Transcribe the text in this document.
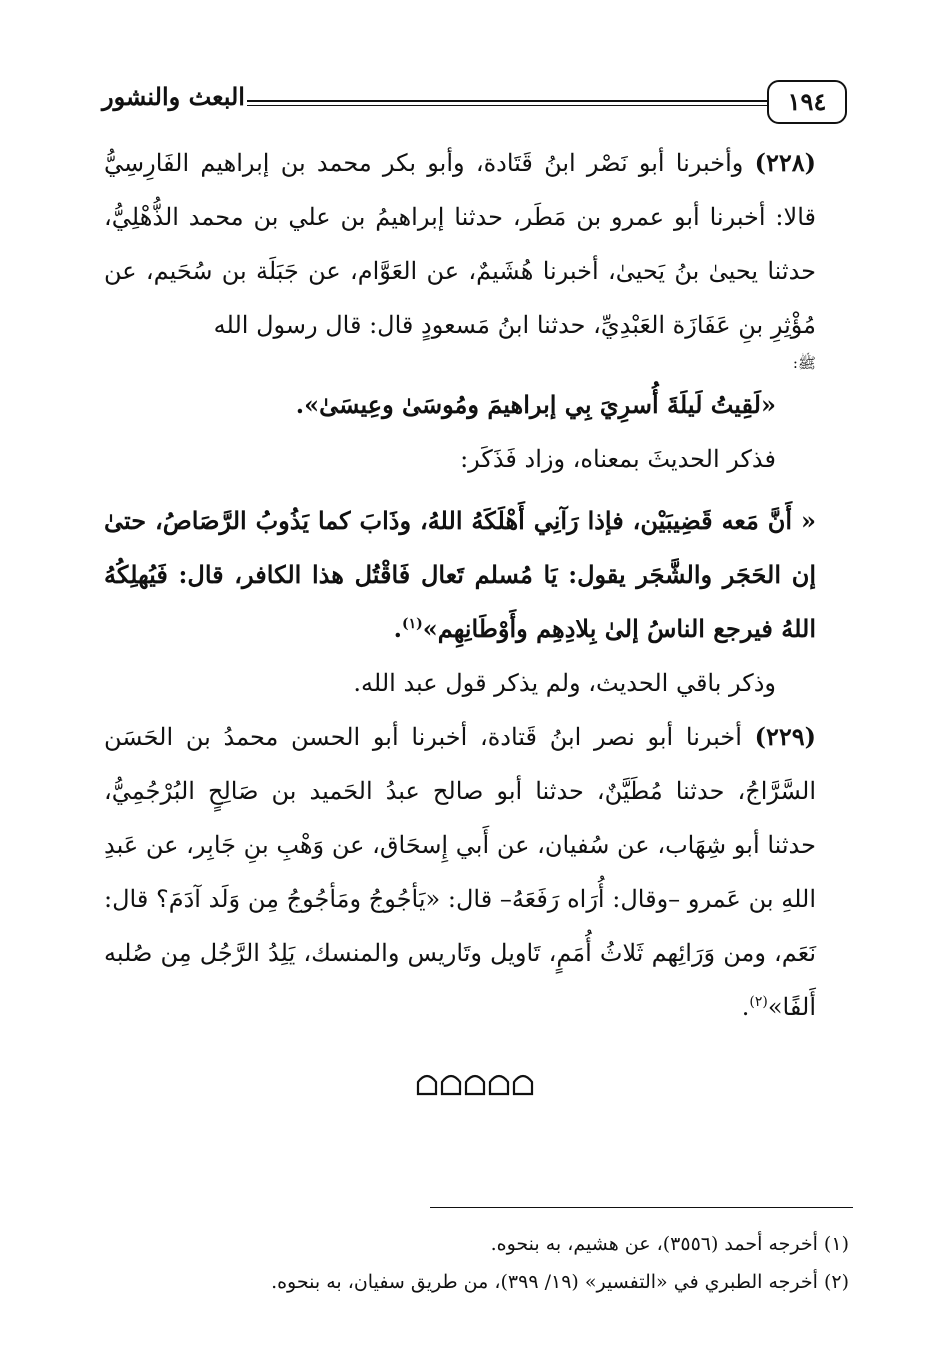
البعث والنشور	١٩٤

(٢٢٨) وأخبرنا أبو نَصْر ابنُ قَتَادة، وأبو بكر محمد بن إبراهيم الفَارِسِيُّ قالا: أخبرنا أبو عمرو بن مَطَر، حدثنا إبراهيمُ بن علي بن محمد الذُّهْلِيُّ، حدثنا يحيىٰ بنُ يَحيىٰ، أخبرنا هُشَيمٌ، عن العَوَّام، عن جَبَلَة بن سُحَيم، عن مُؤْثِرِ بنِ عَفَازَة العَبْدِيِّ، حدثنا ابنُ مَسعودٍ قال: قال رسول الله
ﷺ:

«لَقِيتُ لَيلَةَ أُسرِيَ بِي إبراهيمَ ومُوسَىٰ وعِيسَىٰ».

فذكر الحديثَ بمعناه، وزاد فَذَكَر:

« أَنَّ مَعه قَضِيبَيْن، فإذا رَآنِي أَهْلَكَهُ اللهُ، وذَابَ كما يَذُوبُ الرَّصَاصُ، حتىٰ إن الحَجَر والشَّجَر يقول: يَا مُسلم تَعال فَاقْتُل هذا الكافر، قال: فَيُهلِكُهُ اللهُ فيرجع الناسُ إلىٰ بِلادِهِم وأَوْطَانِهِم»$^{(١)}$.

وذكر باقي الحديث، ولم يذكر قول عبد الله.

(٢٢٩) أخبرنا أبو نصر ابنُ قَتادة، أخبرنا أبو الحسن محمدُ بن الحَسَن السَّرَّاجُ، حدثنا مُطَيَّنٌ، حدثنا أبو صالح عبدُ الحَميد بن صَالِحٍ البُرْجُمِيُّ، حدثنا أبو شِهَاب، عن سُفيان، عن أَبي إِسحَاق، عن وَهْبِ بنِ جَابِر، عن عَبدِ اللهِ بن عَمرو –وقال: أُرَاه رَفَعَهُ– قال: «يَأجُوجُ ومَأجُوجُ مِن وَلَد آدَمَ؟ قال: نَعَم، ومن وَرَائِهم ثَلاثُ أُمَمٍ، تَاويل وتَاريس والمنسك، يَلِدُ الرَّجُل مِن صُلبه أَلفًا»$^{(٢)}$.

(١) أخرجه أحمد (٣٥٥٦)، عن هشيم، به بنحوه.

(٢) أخرجه الطبري في «التفسير» (١٩/ ٣٩٩)، من طريق سفيان، به بنحوه.
